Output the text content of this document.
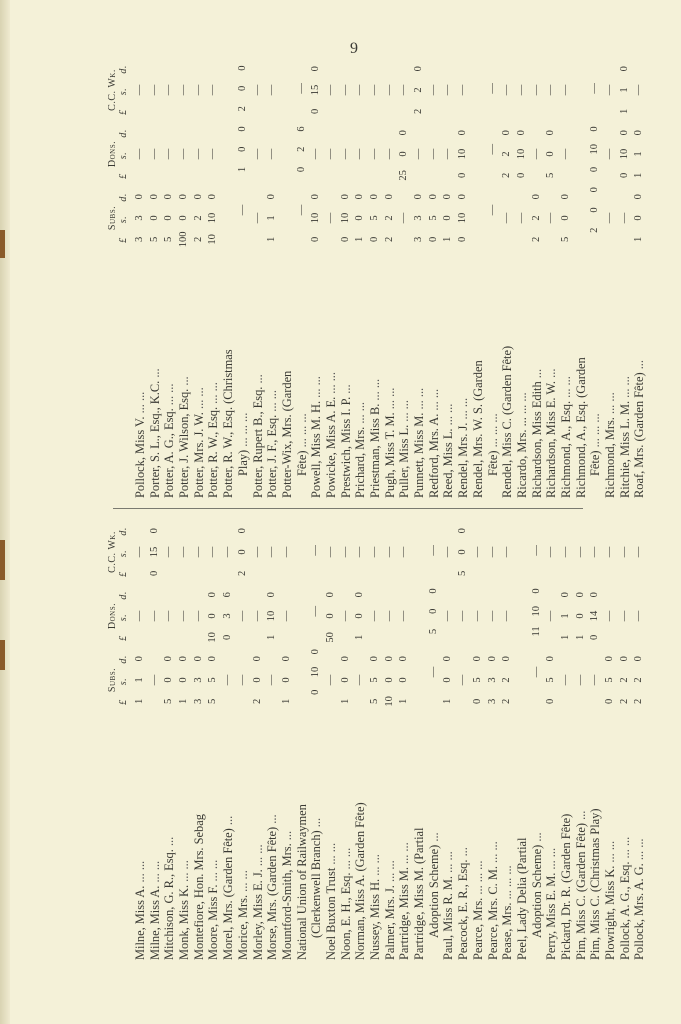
9
Subs.
£
s.
d.
Dons.
£
s.
d.
C.C. Wk.
£
s.
d.
Milne, Miss A. ... ...
1
1
0
—
—
Milne, Miss A. ... ...
—
—
0
15
0
Mitchison, G. R., Esq. ...
5
0
0
—
—
Monk, Miss K. ... ...
1
0
0
—
—
Montefiore, Hon. Mrs. Sebag
3
3
0
—
—
Moore, Miss F. ... ...
5
5
0
10
0
0
—
Morel, Mrs. (Garden Fête) ...
—
0
3
6
—
Morice, Mrs. ... ...
—
—
2
0
0
Morley, Miss E. J. ... ...
2
0
0
—
—
Morse, Mrs. (Garden Fête) ...
—
1
10
0
—
Mountford-Smith, Mrs. ...
1
0
0
—
—
National Union of Railwaymen (Clerkenwell Branch) ...
0
10
0
—
—
Noel Buxton Trust ... ...
—
50
0
0
—
Noon, E. H., Esq. ... ...
1
0
0
—
—
Norman, Miss A. (Garden Fête)
—
1
0
0
—
Nussey, Miss H. ... ...
5
5
0
—
—
Palmer, Mrs. J. ... ...
10
0
0
—
—
Partridge, Miss M. ... ...
1
0
0
—
—
Partridge, Miss M. (Partial Adoption Scheme) ...
—
5
0
0
—
Paul, Miss R. M. ... ...
1
0
0
—
—
Peacock, E. R., Esq. ...
—
—
5
0
0
Pearce, Mrs. ... ... ...
0
5
0
—
—
Pearce, Mrs. C. M. ... ...
3
3
0
—
—
Pease, Mrs. ... ... ...
2
2
0
—
—
Peel, Lady Delia (Partial Adoption Scheme) ...
—
11
10
0
—
Perry, Miss E. M. ... ...
0
5
0
—
—
Pickard, Dr. R. (Garden Fête)
—
1
1
0
—
Pim, Miss C. (Garden Fête) ...
—
1
0
0
—
Pim, Miss C. (Christmas Play)
—
0
14
0
—
Plowright, Miss K. ... ...
0
5
0
—
—
Pollock, A. G., Esq. ... ...
2
2
0
—
—
Pollock, Mrs. A. G. ... ...
2
2
0
—
—
Subs.
£
s.
d.
Dons.
£
s.
d.
C.C. Wk.
£
s.
d.
Pollock, Miss V. ... ...
3
3
0
—
—
Porter, S. L., Esq., K.C. ...
5
0
0
—
—
Potter, A. G., Esq. ... ...
5
0
0
—
—
Potter, J. Wilson, Esq. ...
100
0
0
—
—
Potter, Mrs. J. W. ... ...
2
2
0
—
—
Potter, R. W., Esq. ... ...
10
10
0
—
—
Potter, R. W., Esq. (Christmas Play) ... ... ...
—
1
0
0
2
0
0
Potter, Rupert B., Esq. ...
—
—
—
Potter, J. F., Esq. ... ...
1
1
0
—
—
Potter-Wix, Mrs. (Garden Fête) ... ... ...
—
0
2
6
—
Powell, Miss M. H. ... ...
0
10
0
—
0
15
0
Powicke, Miss A. E. ... ...
—
—
—
Prestwich, Miss I. P. ...
0
10
0
—
—
Prichard, Mrs. ... ...
1
0
0
—
—
Priestman, Miss B. ... ...
0
5
0
—
—
Pugh, Miss T. M. ... ...
2
2
0
—
—
Puller, Miss L. ... ...
—
25
0
0
—
Punnett, Miss M. ... ...
3
3
0
—
2
2
0
Redford, Mrs. A. ... ...
0
5
0
—
—
Reed, Miss L. ... ...
1
0
0
—
—
Rendel, Mrs. J. ... ...
0
10
0
0
10
0
—
Rendel, Mrs. W. S. (Garden Fête) ... ... ...
—
—
—
Rendel, Miss C. (Garden Fête)
—
2
2
0
—
Ricardo, Mrs. ... ... ...
—
0
10
0
—
Richardson, Miss Edith ...
2
2
0
—
—
Richardson, Miss E. W. ...
—
5
0
0
—
Richmond, A., Esq. ... ...
5
0
0
—
—
Richmond, A., Esq. (Garden Fête) ... ... ...
2
0
0
0
10
0
—
Richmond, Mrs. ... ...
—
—
—
Ritchie, Miss L. M. ... ...
—
0
10
0
1
1
0
Roaf, Mrs. (Garden Fête) ...
1
0
0
1
1
0
—
